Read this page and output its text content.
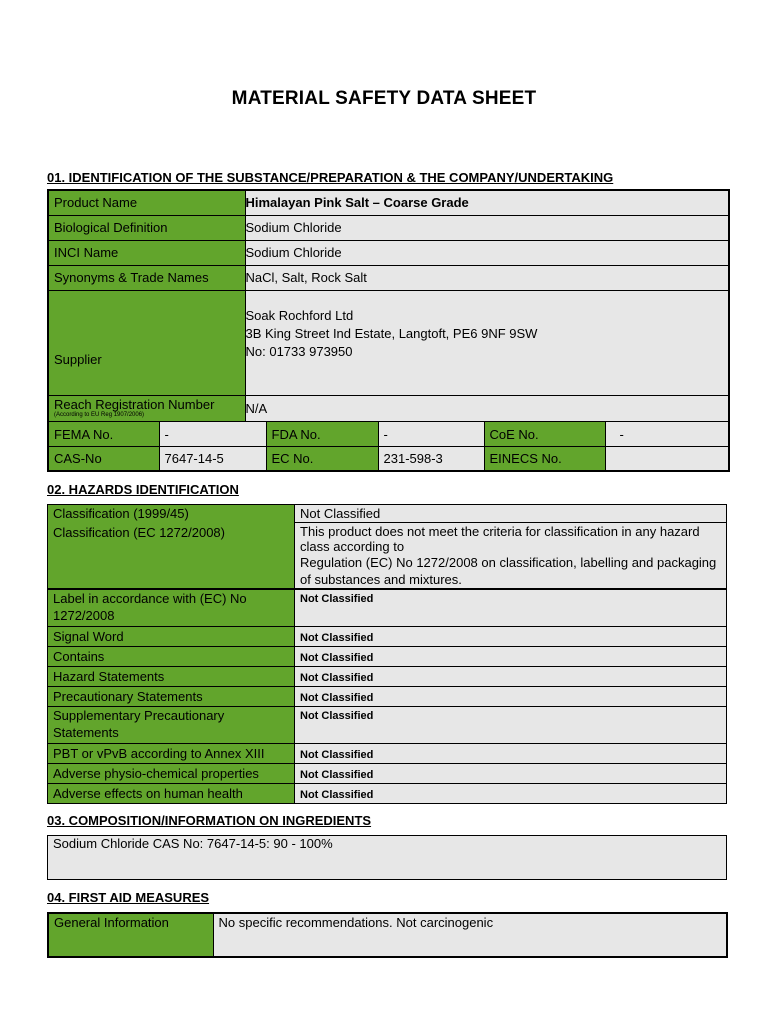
MATERIAL SAFETY DATA SHEET
01. IDENTIFICATION OF THE SUBSTANCE/PREPARATION & THE COMPANY/UNDERTAKING
Product Name	Himalayan Pink Salt – Coarse Grade
Biological Definition	Sodium Chloride
INCI Name	Sodium Chloride
Synonyms & Trade Names	NaCl, Salt, Rock Salt
Supplier	Soak Rochford Ltd
3B King Street Ind Estate, Langtoft, PE6 9NF 9SW
No: 01733 973950

Reach Registration Number
(According to EU Reg 1907/2006)	N/A
FEMA No.	-	FDA No.	-	CoE No.	-
CAS-No	7647-14-5	EC No.	231-598-3	EINECS No.	
02. HAZARDS IDENTIFICATION
Classification (1999/45)	Not Classified
Classification (EC 1272/2008)	This product does not meet the criteria for classification in any hazard
class according to
Regulation (EC) No 1272/2008 on classification, labelling and packaging
of substances and mixtures.

Label in accordance with (EC) No
1272/2008	Not Classified
Signal Word	Not Classified
Contains	Not Classified
Hazard Statements	Not Classified
Precautionary Statements	Not Classified

Supplementary Precautionary
Statements	Not Classified
PBT or vPvB according to Annex XIII	Not Classified
Adverse physio-chemical properties	Not Classified
Adverse effects on human health	Not Classified
03. COMPOSITION/INFORMATION ON INGREDIENTS
Sodium Chloride CAS No: 7647-14-5: 90 - 100%
04. FIRST AID MEASURES
General Information	No specific recommendations. Not carcinogenic
